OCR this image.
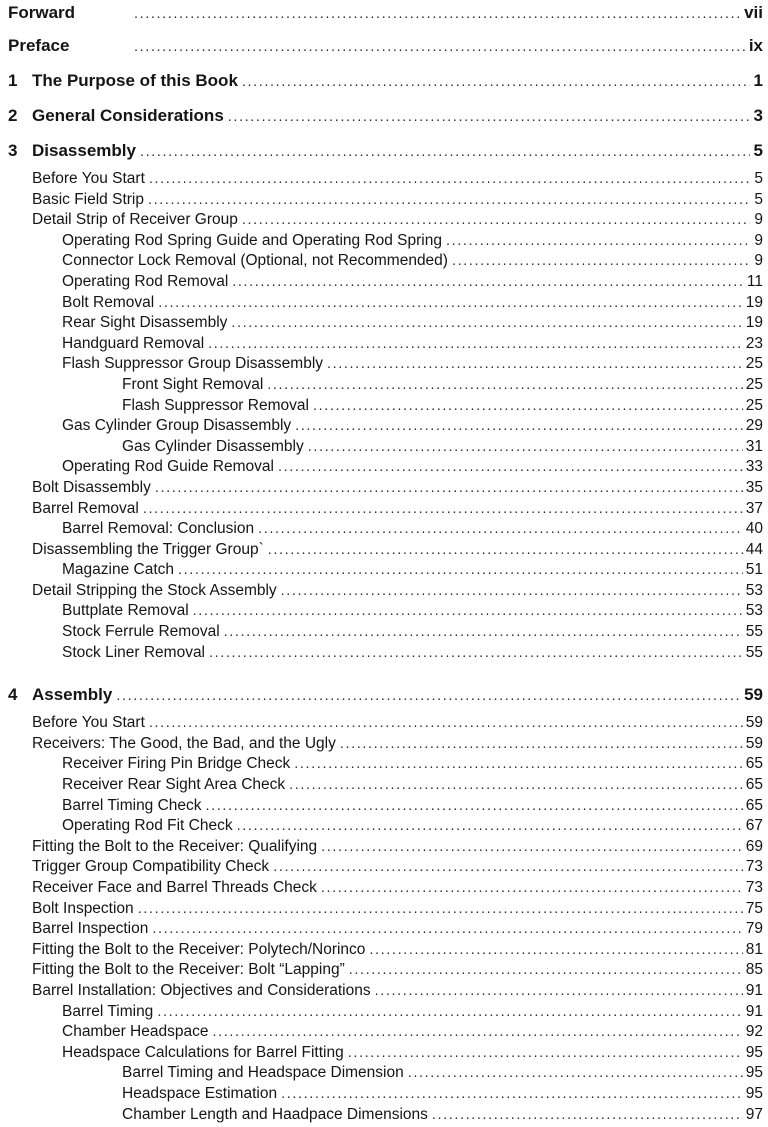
Forward .....	vii
Preface .....	ix
1 The Purpose of this Book .....	1
2 General Considerations .....	3
3 Disassembly .....	5
Before You Start .....	5
Basic Field Strip .....	5
Detail Strip of Receiver Group .....	9
Operating Rod Spring Guide and Operating Rod Spring .....	9
Connector Lock Removal (Optional, not Recommended) .....	9
Operating Rod Removal .....	11
Bolt Removal .....	19
Rear Sight Disassembly .....	19
Handguard Removal .....	23
Flash Suppressor Group Disassembly .....	25
Front Sight Removal .....	25
Flash Suppressor Removal .....	25
Gas Cylinder Group Disassembly .....	29
Gas Cylinder Disassembly .....	31
Operating Rod Guide Removal .....	33
Bolt Disassembly .....	35
Barrel Removal .....	37
Barrel Removal: Conclusion .....	40
Disassembling the Trigger Group` .....	44
Magazine Catch .....	51
Detail Stripping the Stock Assembly .....	53
Buttplate Removal .....	53
Stock Ferrule Removal .....	55
Stock Liner Removal .....	55
4 Assembly .....	59
Before You Start .....	59
Receivers: The Good, the Bad, and the Ugly .....	59
Receiver Firing Pin Bridge Check .....	65
Receiver Rear Sight Area Check .....	65
Barrel Timing Check .....	65
Operating Rod Fit Check .....	67
Fitting the Bolt to the Receiver: Qualifying .....	69
Trigger Group Compatibility Check .....	73
Receiver Face and Barrel Threads Check .....	73
Bolt Inspection .....	75
Barrel Inspection .....	79
Fitting the Bolt to the Receiver: Polytech/Norinco .....	81
Fitting the Bolt to the Receiver: Bolt “Lapping” .....	85
Barrel Installation: Objectives and Considerations .....	91
Barrel Timing .....	91
Chamber Headspace .....	92
Headspace Calculations for Barrel Fitting .....	95
Barrel Timing and Headspace Dimension .....	95
Headspace Estimation .....	95
Chamber Length and Haadpace Dimensions .....	97
